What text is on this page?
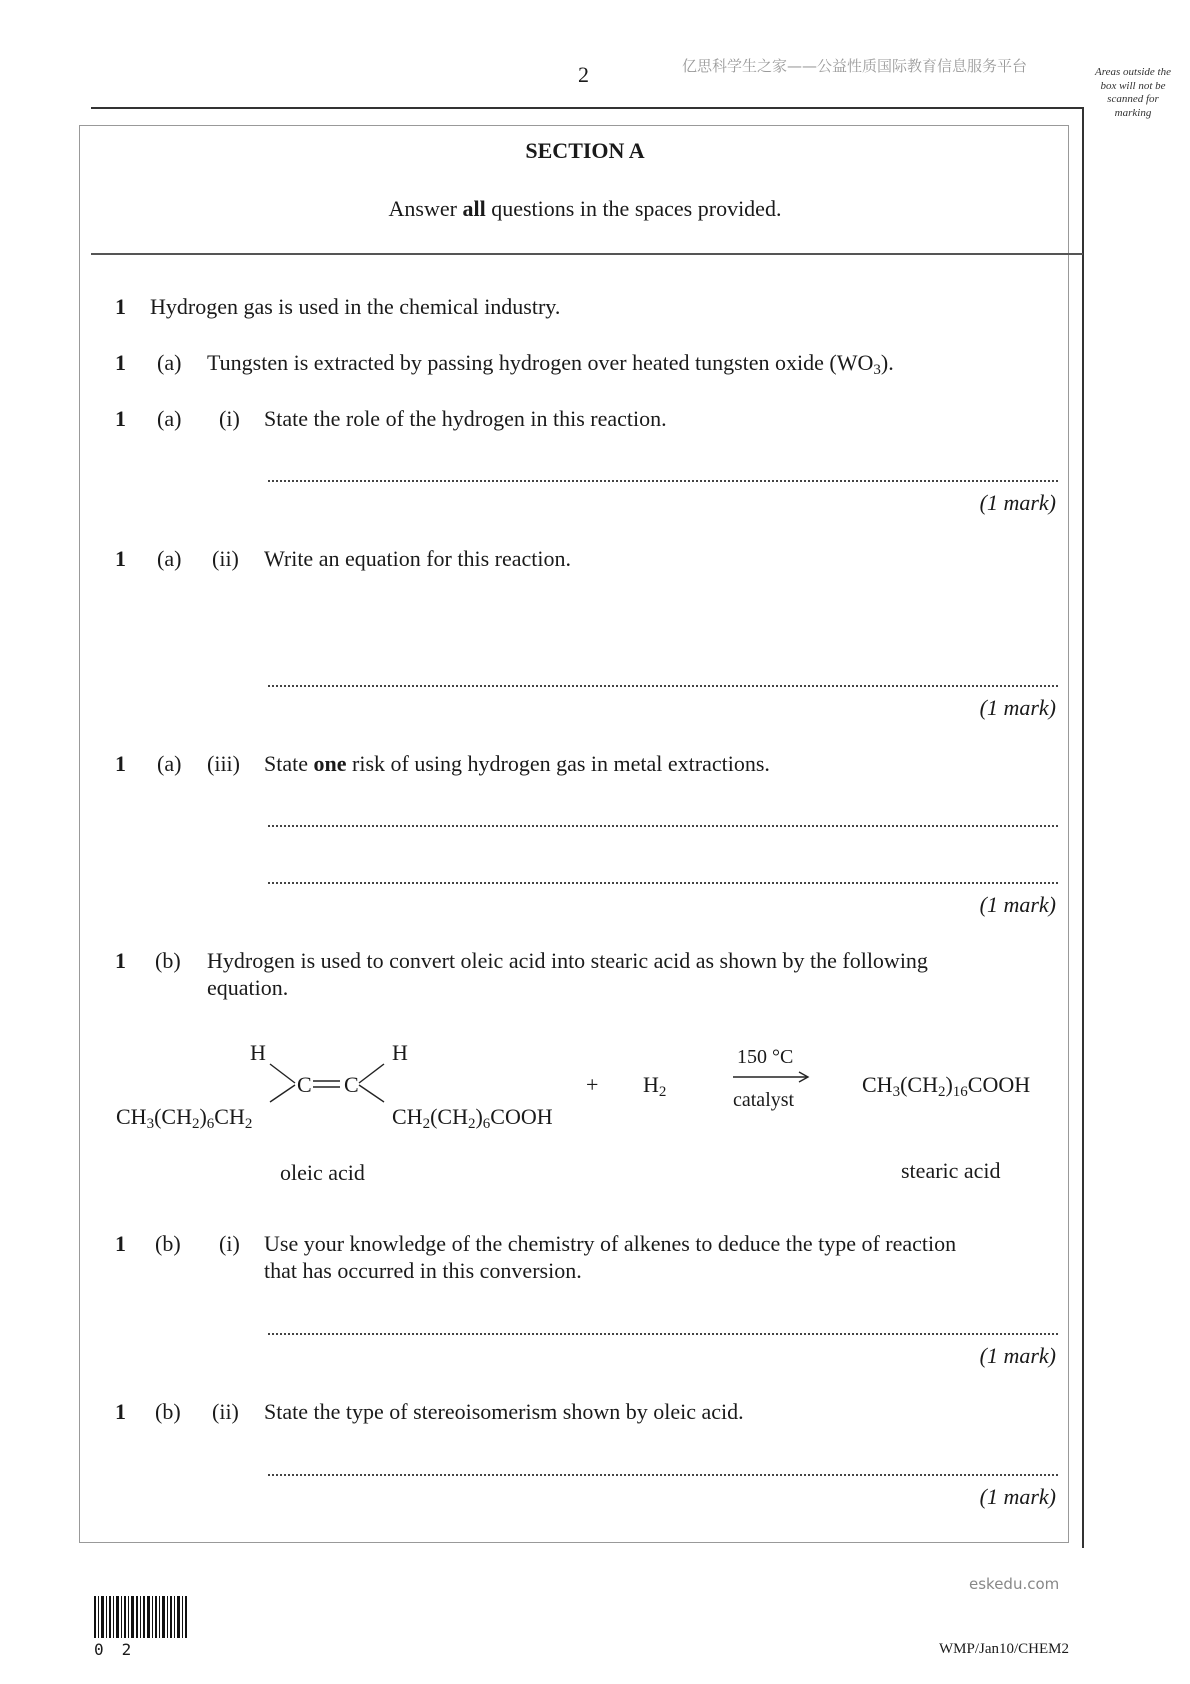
2	亿思科学生之家——公益性质国际教育信息服务平台	Areas outside the box will not be scanned for marking
SECTION A
Answer all questions in the spaces provided.
1 Hydrogen gas is used in the chemical industry.
1 (a) Tungsten is extracted by passing hydrogen over heated tungsten oxide $(WO_3)$.
1 (a) (i) State the role of the hydrogen in this reaction.
(1 mark)
1 (a) (ii) Write an equation for this reaction.
(1 mark)
1 (a) (iii) State one risk of using hydrogen gas in metal extractions.
(1 mark)
1 (b) Hydrogen is used to convert oleic acid into stearic acid as shown by the following
equation.
H	H
C C
$CH_3(CH_2)_6CH_2$	$CH_2(CH_2)_6COOH$
+ $H_2$
150 °C
catalyst
$CH_3(CH_2)_{16}COOH$
oleic acid	stearic acid
1 (b) (i) Use your knowledge of the chemistry of alkenes to deduce the type of reaction
that has occurred in this conversion.
(1 mark)
1 (b) (ii) State the type of stereoisomerism shown by oleic acid.
(1 mark)
02
eskedu.com
WMP/Jan10/CHEM2
